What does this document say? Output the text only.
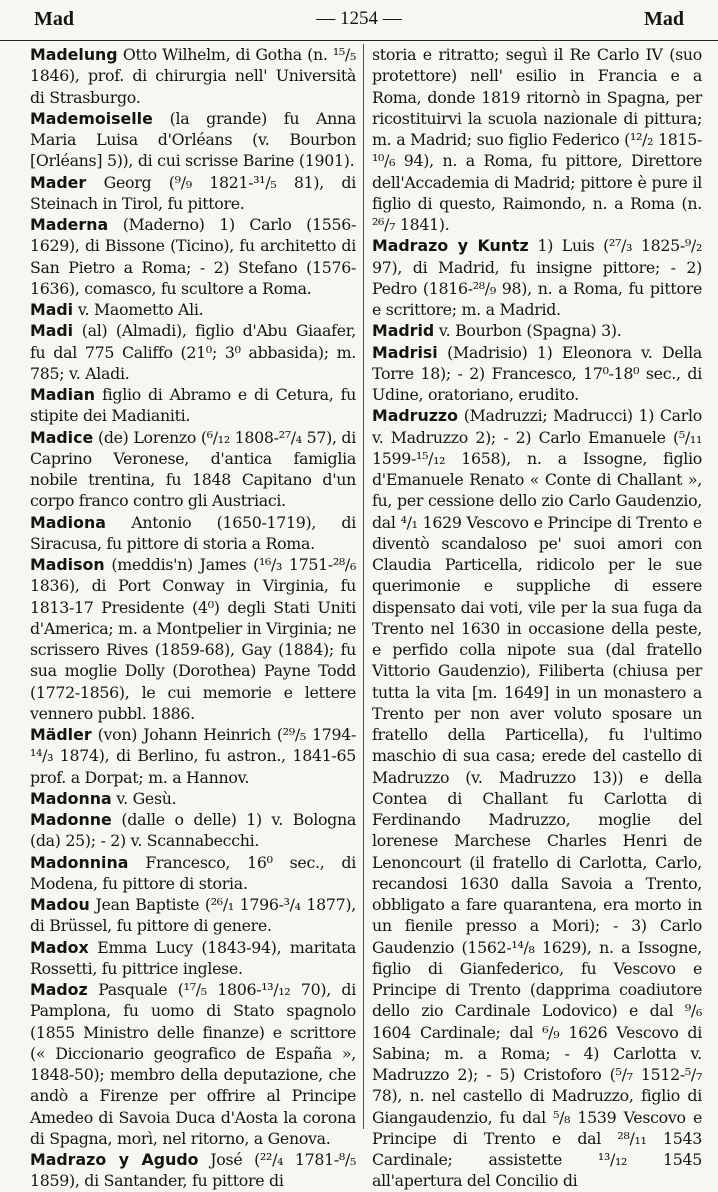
Mad	— 1254 —	Mad

Madelung Otto Wilhelm, di Gotha (n. ¹⁵/₅ 1846), prof. di chirurgia nell' Università di Strasburgo.

Mademoiselle (la grande) fu Anna Maria Luisa d'Orléans (v. Bourbon [Orléans] 5)), di cui scrisse Barine (1901).

Mader Georg (⁹/₉ 1821-³¹/₅ 81), di Steinach in Tirol, fu pittore.

Maderna (Maderno) 1) Carlo (1556-1629), di Bissone (Ticino), fu architetto di San Pietro a Roma; - 2) Stefano (1576-1636), comasco, fu scultore a Roma.

Madi v. Maometto Ali.

Madi (al) (Almadi), figlio d'Abu Giaafer, fu dal 775 Califfo (21⁰; 3⁰ abbasida); m. 785; v. Aladi.

Madian figlio di Abramo e di Cetura, fu stipite dei Madianiti.

Madice (de) Lorenzo (⁶/₁₂ 1808-²⁷/₄ 57), di Caprino Veronese, d'antica famiglia nobile trentina, fu 1848 Capitano d'un corpo franco contro gli Austriaci.

Madiona Antonio (1650-1719), di Siracusa, fu pittore di storia a Roma.

Madison (meddis'n) James (¹⁶/₃ 1751-²⁸/₆ 1836), di Port Conway in Virginia, fu 1813-17 Presidente (4⁰) degli Stati Uniti d'America; m. a Montpelier in Virginia; ne scrissero Rives (1859-68), Gay (1884); fu sua moglie Dolly (Dorothea) Payne Todd (1772-1856), le cui memorie e lettere vennero pubbl. 1886.

Mädler (von) Johann Heinrich (²⁹/₅ 1794-¹⁴/₃ 1874), di Berlino, fu astron., 1841-65 prof. a Dorpat; m. a Hannov.

Madonna v. Gesù.

Madonne (dalle o delle) 1) v. Bologna (da) 25); - 2) v. Scannabecchi.

Madonnina Francesco, 16⁰ sec., di Modena, fu pittore di storia.

Madou Jean Baptiste (²⁶/₁ 1796-³/₄ 1877), di Brüssel, fu pittore di genere.

Madox Emma Lucy (1843-94), maritata Rossetti, fu pittrice inglese.

Madoz Pasquale (¹⁷/₅ 1806-¹³/₁₂ 70), di Pamplona, fu uomo di Stato spagnolo (1855 Ministro delle finanze) e scrittore (« Diccionario geografico de España », 1848-50); membro della deputazione, che andò a Firenze per offrire al Principe Amedeo di Savoia Duca d'Aosta la corona di Spagna, morì, nel ritorno, a Genova.

Madrazo y Agudo José (²²/₄ 1781-⁸/₅ 1859), di Santander, fu pittore di

storia e ritratto; seguì il Re Carlo IV (suo protettore) nell' esilio in Francia e a Roma, donde 1819 ritornò in Spagna, per ricostituirvi la scuola nazionale di pittura; m. a Madrid; suo figlio Federico (¹²/₂ 1815-¹⁰/₆ 94), n. a Roma, fu pittore, Direttore dell'Accademia di Madrid; pittore è pure il figlio di questo, Raimondo, n. a Roma (n. ²⁶/₇ 1841).

Madrazo y Kuntz 1) Luis (²⁷/₃ 1825-⁹/₂ 97), di Madrid, fu insigne pittore; - 2) Pedro (1816-²⁸/₉ 98), n. a Roma, fu pittore e scrittore; m. a Madrid.

Madrid v. Bourbon (Spagna) 3).

Madrisi (Madrisio) 1) Eleonora v. Della Torre 18); - 2) Francesco, 17⁰-18⁰ sec., di Udine, oratoriano, erudito.

Madruzzo (Madruzzi; Madrucci) 1) Carlo v. Madruzzo 2); - 2) Carlo Emanuele (⁵/₁₁ 1599-¹⁵/₁₂ 1658), n. a Issogne, figlio d'Emanuele Renato « Conte di Challant », fu, per cessione dello zio Carlo Gaudenzio, dal ⁴/₁ 1629 Vescovo e Principe di Trento e diventò scandaloso pe' suoi amori con Claudia Particella, ridicolo per le sue querimonie e suppliche di essere dispensato dai voti, vile per la sua fuga da Trento nel 1630 in occasione della peste, e perfido colla nipote sua (dal fratello Vittorio Gaudenzio), Filiberta (chiusa per tutta la vita [m. 1649] in un monastero a Trento per non aver voluto sposare un fratello della Particella), fu l'ultimo maschio di sua casa; erede del castello di Madruzzo (v. Madruzzo 13)) e della Contea di Challant fu Carlotta di Ferdinando Madruzzo, moglie del lorenese Marchese Charles Henri de Lenoncourt (il fratello di Carlotta, Carlo, recandosi 1630 dalla Savoia a Trento, obbligato a fare quarantena, era morto in un fienile presso a Mori); - 3) Carlo Gaudenzio (1562-¹⁴/₈ 1629), n. a Issogne, figlio di Gianfederico, fu Vescovo e Principe di Trento (dapprima coadiutore dello zio Cardinale Lodovico) e dal ⁹/₆ 1604 Cardinale; dal ⁶/₉ 1626 Vescovo di Sabina; m. a Roma; - 4) Carlotta v. Madruzzo 2); - 5) Cristoforo (⁵/₇ 1512-⁵/₇ 78), n. nel castello di Madruzzo, figlio di Giangaudenzio, fu dal ⁵/₈ 1539 Vescovo e Principe di Trento e dal ²⁸/₁₁ 1543 Cardinale; assistette ¹³/₁₂ 1545 all'apertura del Concilio di
